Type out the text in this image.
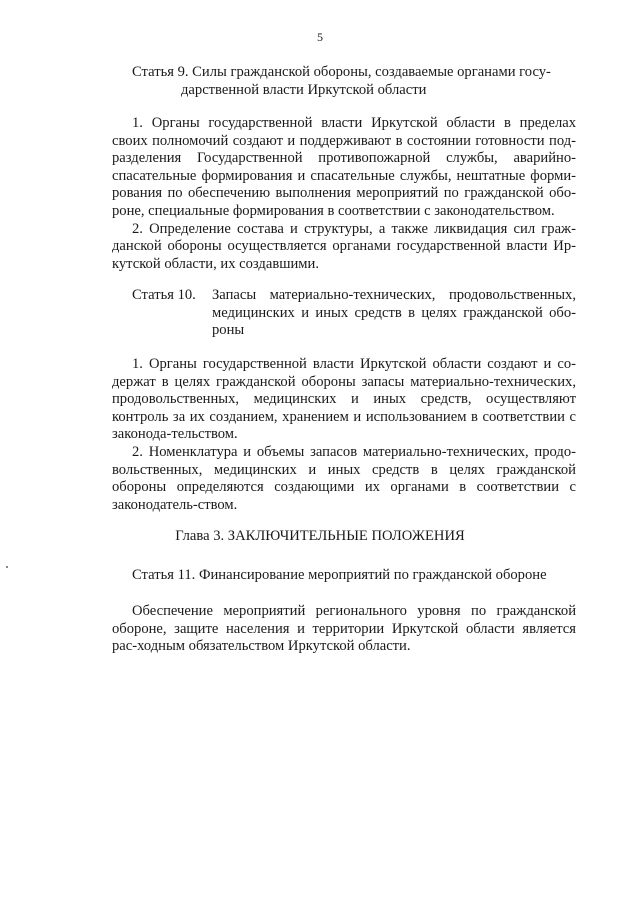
5
Статья 9. Силы гражданской обороны, создаваемые органами госу-
дарственной власти Иркутской области

1. Органы государственной власти Иркутской области в пределах своих полномочий создают и поддерживают в состоянии готовности под-разделения Государственной противопожарной службы, аварийно-спасательные формирования и спасательные службы, нештатные форми-рования по обеспечению выполнения мероприятий по гражданской обо-роне, специальные формирования в соответствии с законодательством.

2. Определение состава и структуры, а также ликвидация сил граж-данской обороны осуществляется органами государственной власти Ир-кутской области, их создавшими.

Статья 10.	Запасы материально-технических, продовольственных, медицинских и иных средств в целях гражданской обо-роны

1. Органы государственной власти Иркутской области создают и со-держат в целях гражданской обороны запасы материально-технических, продовольственных, медицинских и иных средств, осуществляют контроль за их созданием, хранением и использованием в соответствии с законода-тельством.

2. Номенклатура и объемы запасов материально-технических, продо-вольственных, медицинских и иных средств в целях гражданской обороны определяются создающими их органами в соответствии с законодатель-ством.

Глава 3. ЗАКЛЮЧИТЕЛЬНЫЕ ПОЛОЖЕНИЯ
Статья 11. Финансирование мероприятий по гражданской обороне

Обеспечение мероприятий регионального уровня по гражданской обороне, защите населения и территории Иркутской области является рас-ходным обязательством Иркутской области.
